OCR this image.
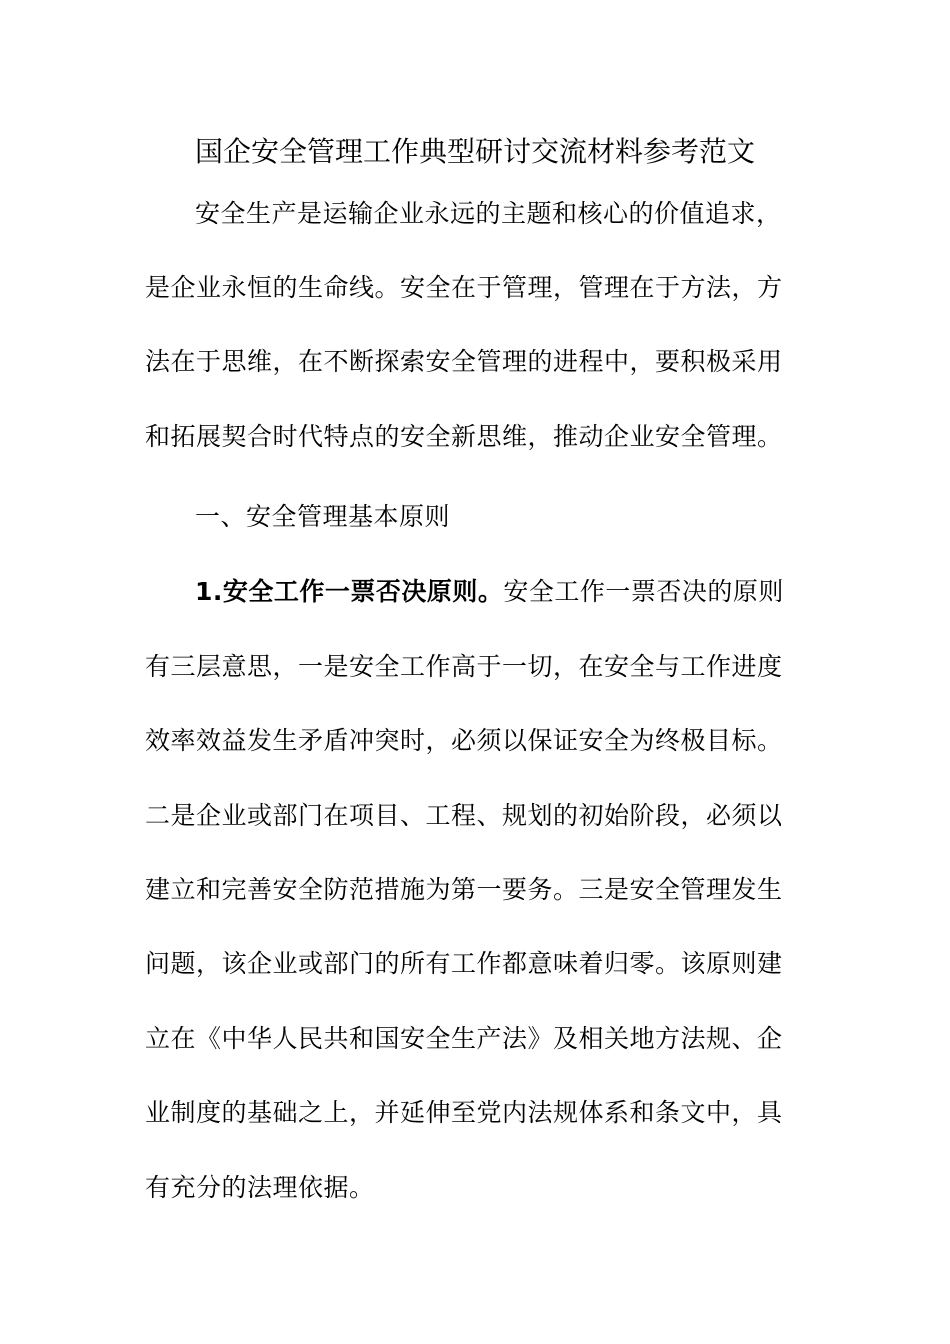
国企安全管理工作典型研讨交流材料参考范文
安全生产是运输企业永远的主题和核心的价值追求，
是企业永恒的生命线。安全在于管理，管理在于方法，方
法在于思维，在不断探索安全管理的进程中，要积极采用
和拓展契合时代特点的安全新思维，推动企业安全管理。
一、安全管理基本原则
1.安全工作一票否决原则。安全工作一票否决的原则
有三层意思，一是安全工作高于一切，在安全与工作进度
效率效益发生矛盾冲突时，必须以保证安全为终极目标。
二是企业或部门在项目、工程、规划的初始阶段，必须以
建立和完善安全防范措施为第一要务。三是安全管理发生
问题，该企业或部门的所有工作都意味着归零。该原则建
立在《中华人民共和国安全生产法》及相关地方法规、企
业制度的基础之上，并延伸至党内法规体系和条文中，具
有充分的法理依据。
